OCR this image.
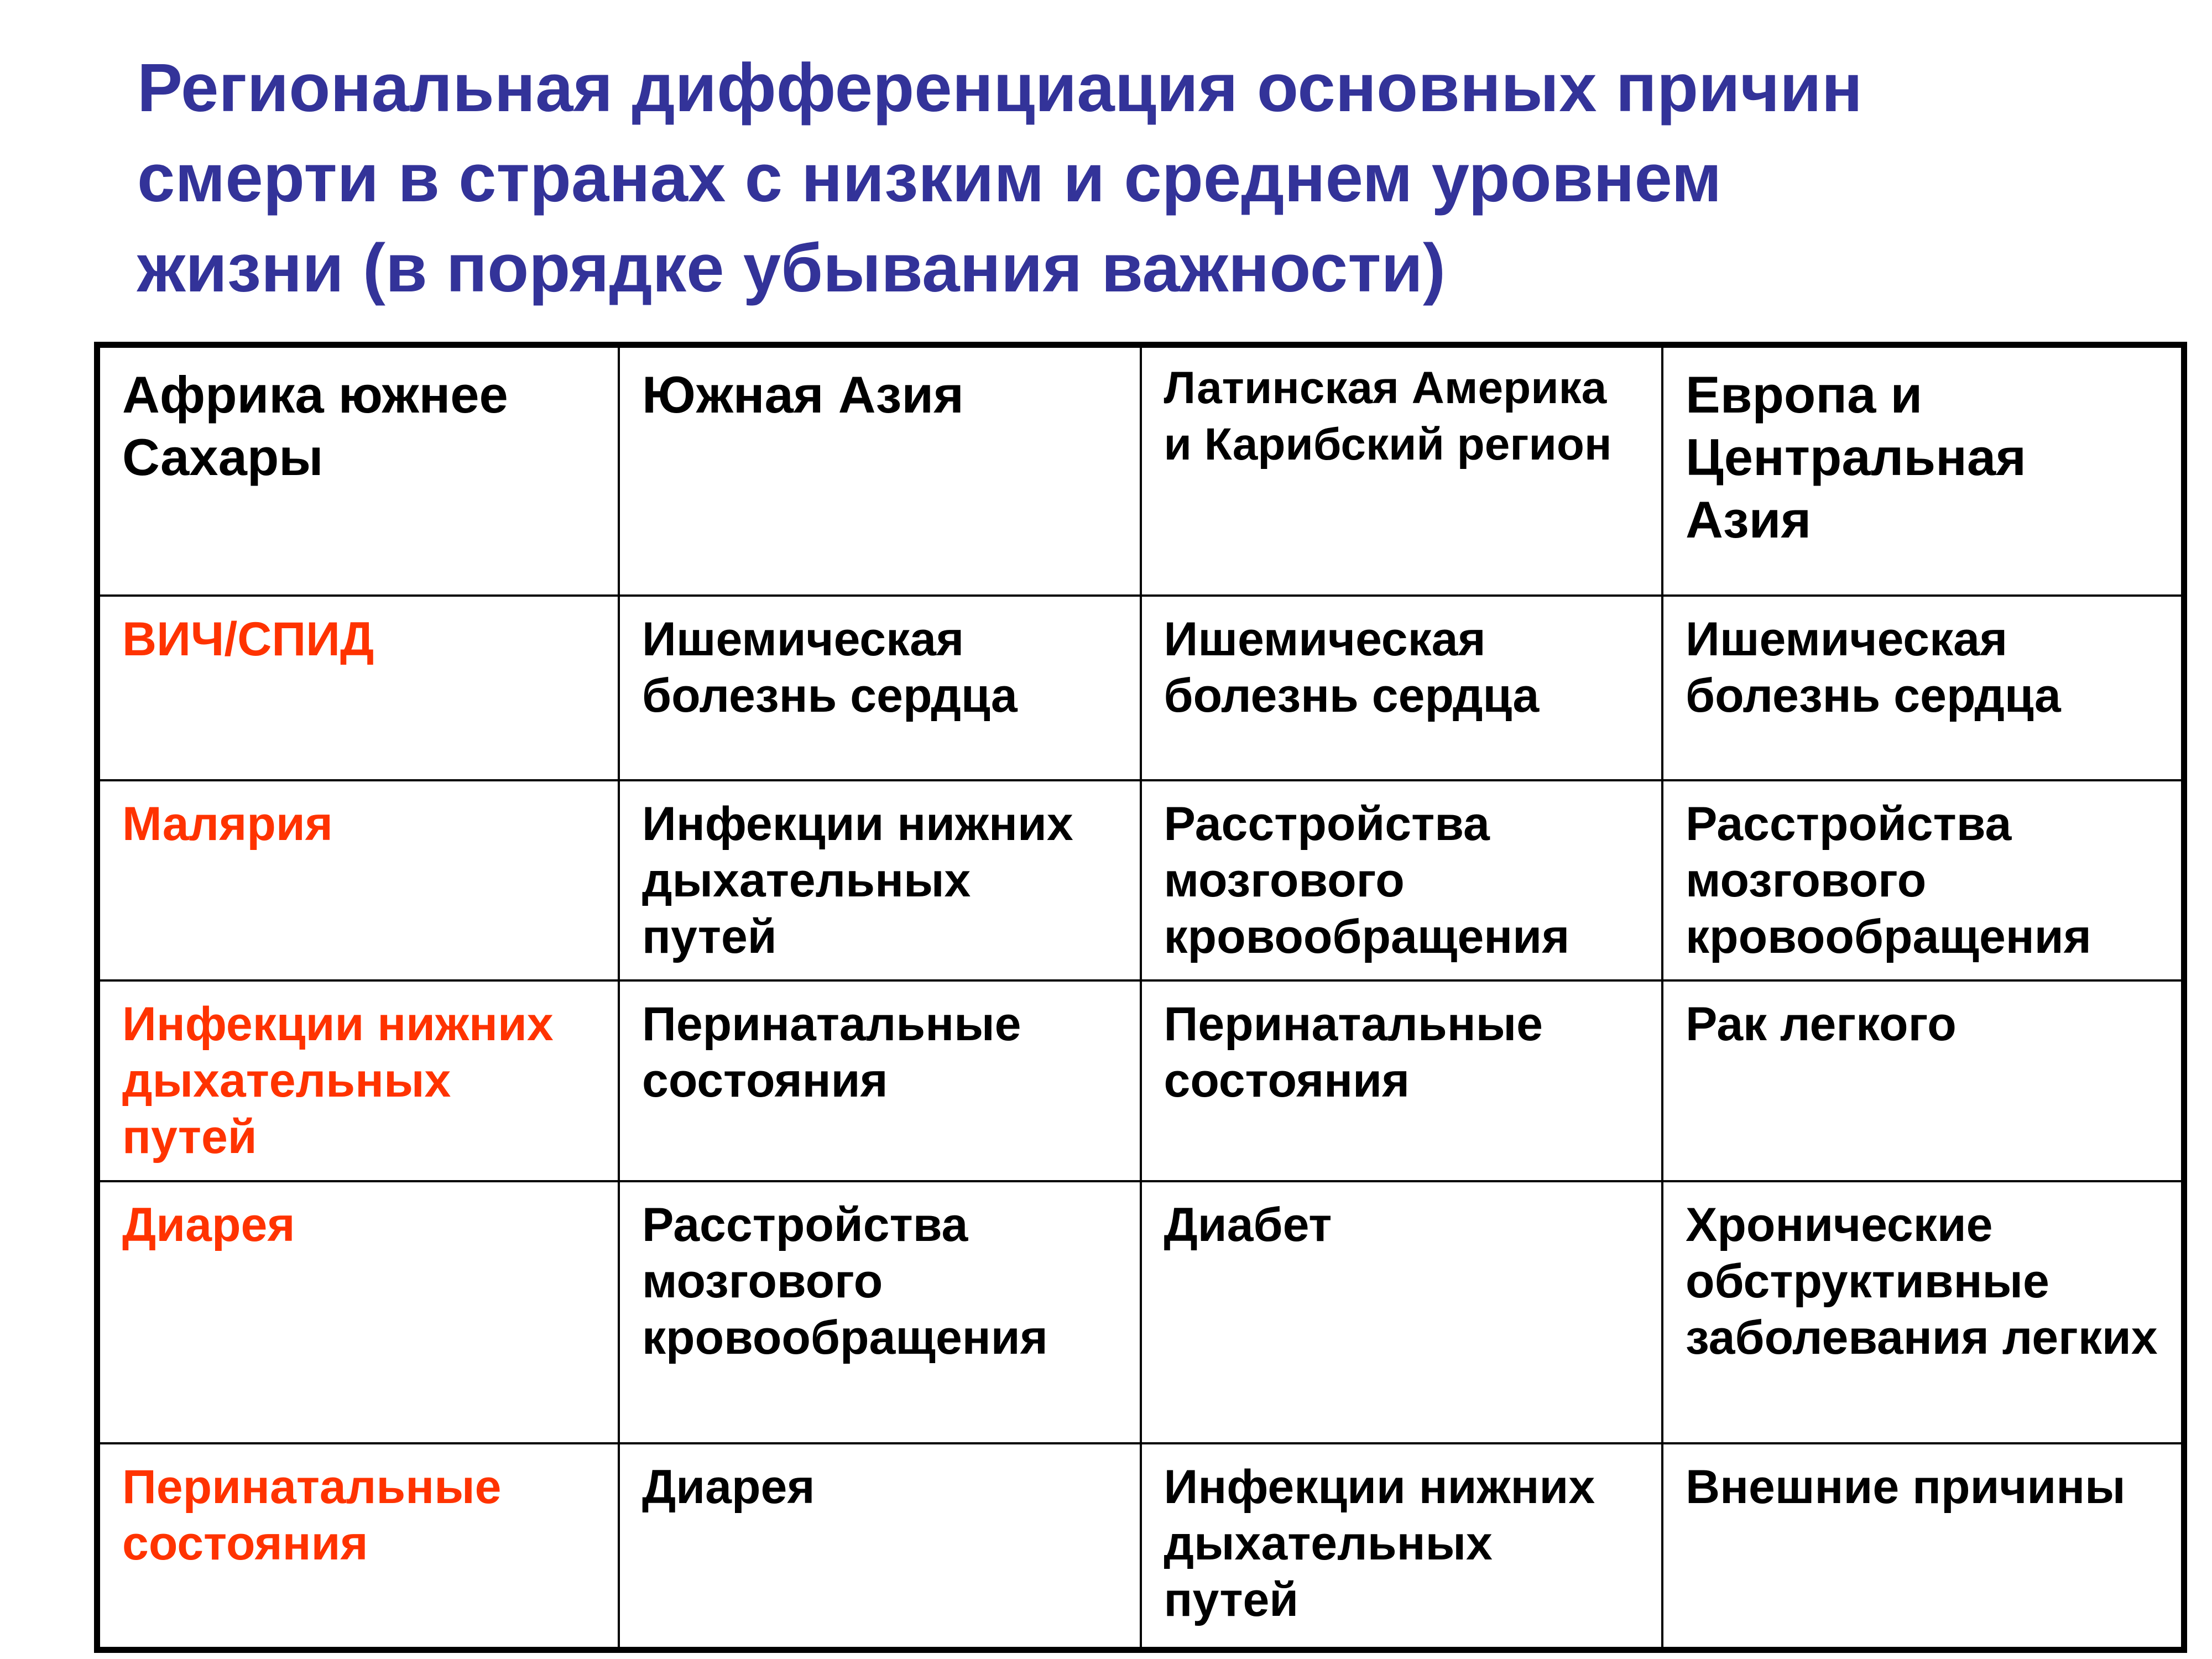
Региональная дифференциация основных причин
смерти в странах с низким и среднем уровнем
жизни (в порядке убывания важности)
Африка южнее Сахары	Южная Азия	Латинская Америка и Карибский регион	Европа и Центральная Азия
ВИЧ/СПИД	Ишемическая болезнь сердца	Ишемическая болезнь сердца	Ишемическая болезнь сердца
Малярия	Инфекции нижних дыхательных путей	Расстройства мозгового кровообращения	Расстройства мозгового кровообращения
Инфекции нижних дыхательных путей	Перинатальные состояния	Перинатальные состояния	Рак легкого
Диарея	Расстройства мозгового кровообращения	Диабет	Хронические обструктивные заболевания легких
Перинатальные состояния	Диарея	Инфекции нижних дыхательных путей	Внешние причины
